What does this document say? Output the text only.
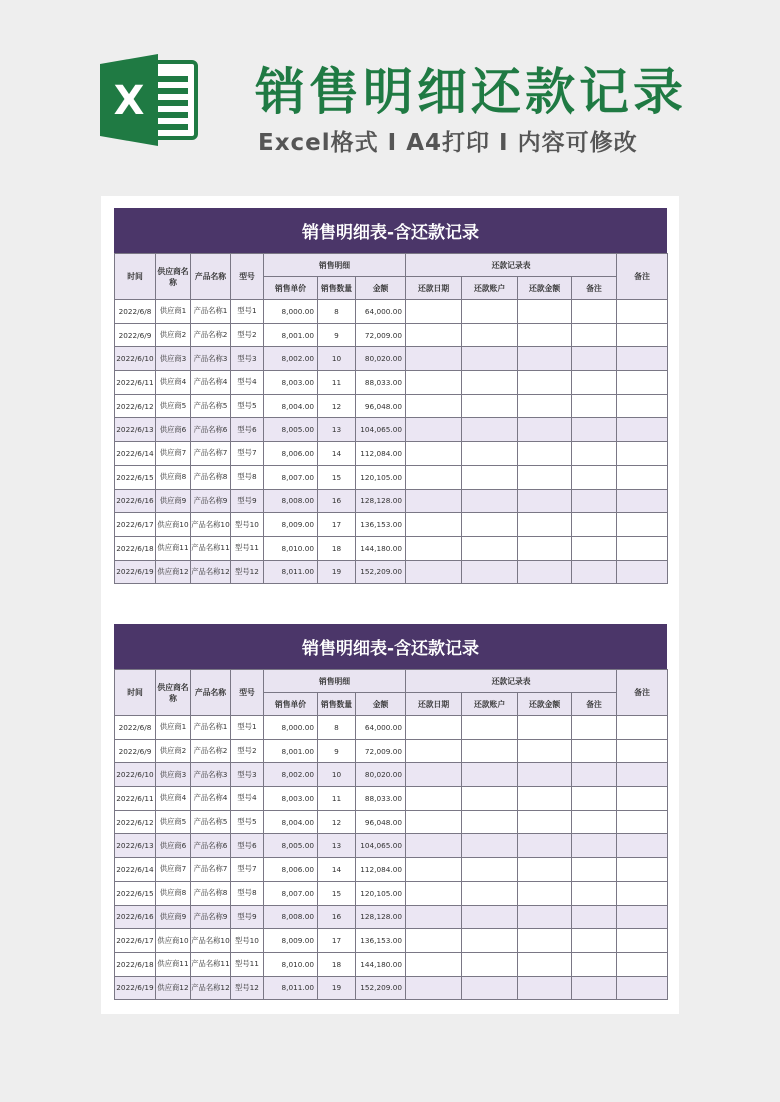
X 销售明细还款记录
Excel格式 I A4打印 I 内容可修改
销售明细表-含还款记录
时间	供应商名称	产品名称	型号	销售明细			还款记录表				备注
				销售单价	销售数量	金额	还款日期	还款账户	还款金额	备注	
2022/6/8	供应商1	产品名称1	型号1	8,000.00	8	64,000.00					
2022/6/9	供应商2	产品名称2	型号2	8,001.00	9	72,009.00					
2022/6/10	供应商3	产品名称3	型号3	8,002.00	10	80,020.00					
2022/6/11	供应商4	产品名称4	型号4	8,003.00	11	88,033.00					
2022/6/12	供应商5	产品名称5	型号5	8,004.00	12	96,048.00					
2022/6/13	供应商6	产品名称6	型号6	8,005.00	13	104,065.00					
2022/6/14	供应商7	产品名称7	型号7	8,006.00	14	112,084.00					
2022/6/15	供应商8	产品名称8	型号8	8,007.00	15	120,105.00					
2022/6/16	供应商9	产品名称9	型号9	8,008.00	16	128,128.00					
2022/6/17	供应商10	产品名称10	型号10	8,009.00	17	136,153.00					
2022/6/18	供应商11	产品名称11	型号11	8,010.00	18	144,180.00					
2022/6/19	供应商12	产品名称12	型号12	8,011.00	19	152,209.00					
销售明细表-含还款记录
时间	供应商名称	产品名称	型号	销售明细			还款记录表				备注
				销售单价	销售数量	金额	还款日期	还款账户	还款金额	备注	
2022/6/8	供应商1	产品名称1	型号1	8,000.00	8	64,000.00					
2022/6/9	供应商2	产品名称2	型号2	8,001.00	9	72,009.00					
2022/6/10	供应商3	产品名称3	型号3	8,002.00	10	80,020.00					
2022/6/11	供应商4	产品名称4	型号4	8,003.00	11	88,033.00					
2022/6/12	供应商5	产品名称5	型号5	8,004.00	12	96,048.00					
2022/6/13	供应商6	产品名称6	型号6	8,005.00	13	104,065.00					
2022/6/14	供应商7	产品名称7	型号7	8,006.00	14	112,084.00					
2022/6/15	供应商8	产品名称8	型号8	8,007.00	15	120,105.00					
2022/6/16	供应商9	产品名称9	型号9	8,008.00	16	128,128.00					
2022/6/17	供应商10	产品名称10	型号10	8,009.00	17	136,153.00					
2022/6/18	供应商11	产品名称11	型号11	8,010.00	18	144,180.00					
2022/6/19	供应商12	产品名称12	型号12	8,011.00	19	152,209.00					
